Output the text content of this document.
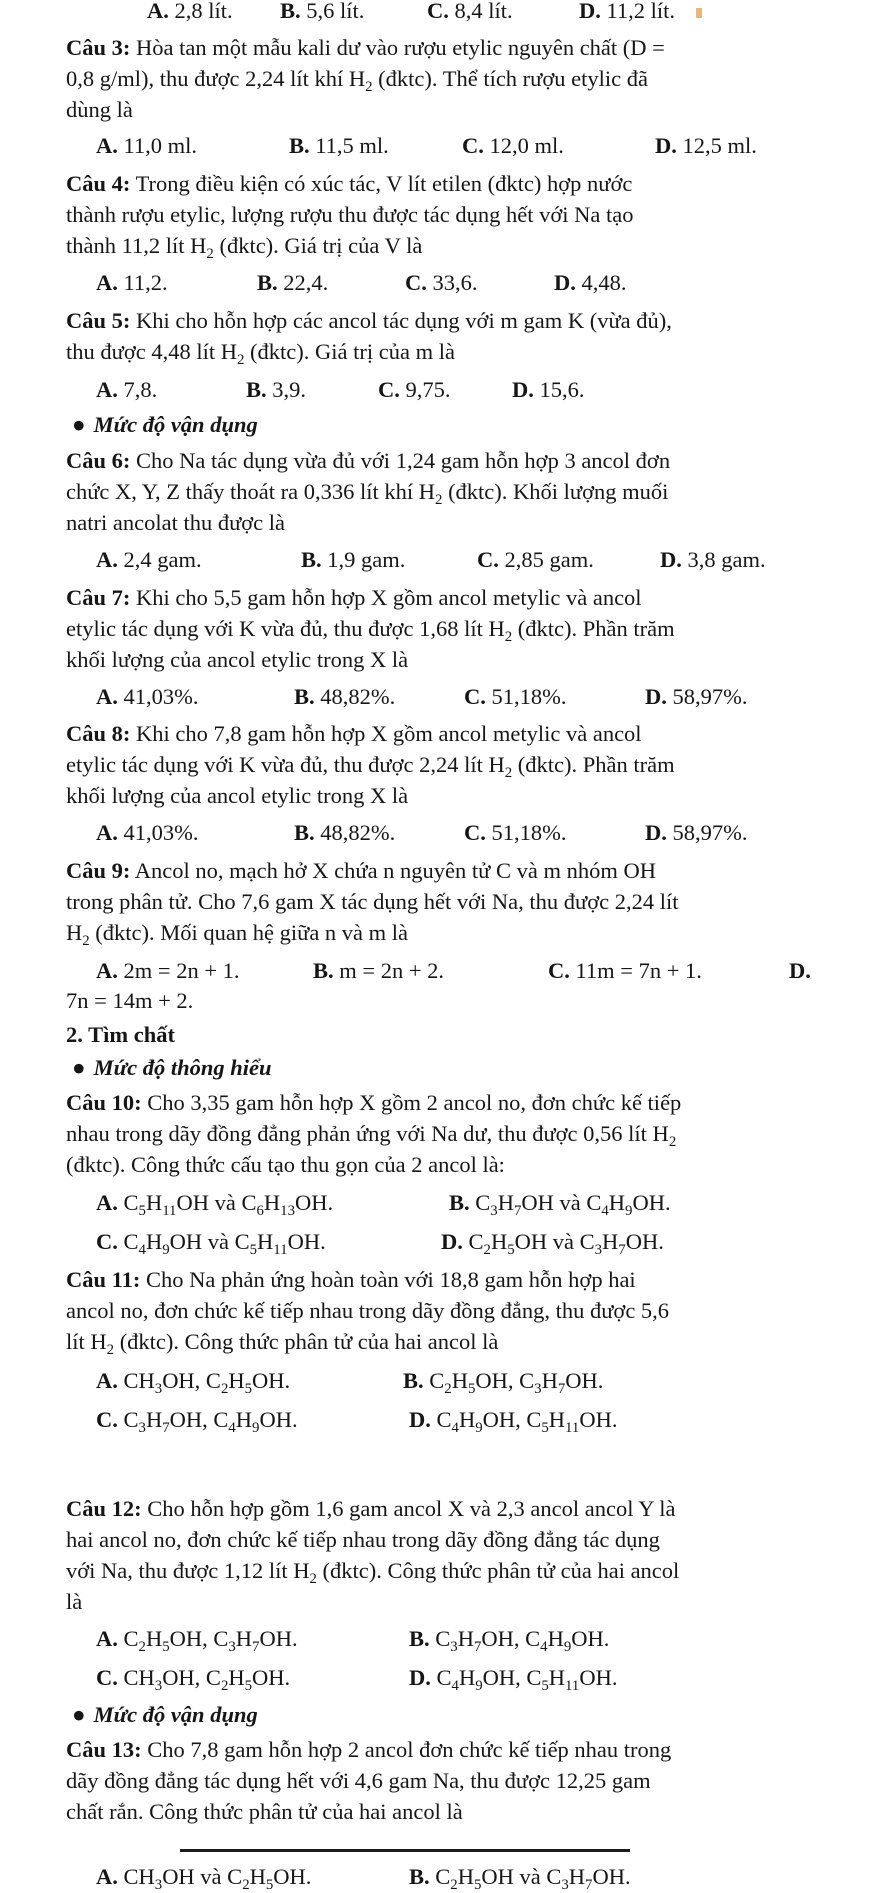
A. 2,8 lít. B. 5,6 lít.	C. 8,4 lít.	D. 11,2 lít.
Câu 3: Hòa tan một mẫu kali dư vào rượu etylic nguyên chất (D =
0,8 g/ml), thu được 2,24 lít khí $H_2$ (đktc). Thể tích rượu etylic đã
dùng là
A. 11,0 ml.	B. 11,5 ml.	C. 12,0 ml.	D. 12,5 ml.
Câu 4: Trong điều kiện có xúc tác, V lít etilen (đktc) hợp nước
thành rượu etylic, lượng rượu thu được tác dụng hết với Na tạo
thành 11,2 lít $H_2$ (đktc). Giá trị của V là
A. 11,2.	B. 22,4.	C. 33,6.	D. 4,48.
Câu 5: Khi cho hỗn hợp các ancol tác dụng với m gam K (vừa đủ),
thu được 4,48 lít $H_2$ (đktc). Giá trị của m là
A. 7,8.	B. 3,9.	C. 9,75.	D. 15,6.
● Mức độ vận dụng
Câu 6: Cho Na tác dụng vừa đủ với 1,24 gam hỗn hợp 3 ancol đơn
chức X, Y, Z thấy thoát ra 0,336 lít khí $H_2$ (đktc). Khối lượng muối
natri ancolat thu được là
A. 2,4 gam.	B. 1,9 gam.	C. 2,85 gam.	D. 3,8 gam.
Câu 7: Khi cho 5,5 gam hỗn hợp X gồm ancol metylic và ancol
etylic tác dụng với K vừa đủ, thu được 1,68 lít $H_2$ (đktc). Phần trăm
khối lượng của ancol etylic trong X là
A. 41,03%.	B. 48,82%.	C. 51,18%.	D. 58,97%.
Câu 8: Khi cho 7,8 gam hỗn hợp X gồm ancol metylic và ancol
etylic tác dụng với K vừa đủ, thu được 2,24 lít $H_2$ (đktc). Phần trăm
khối lượng của ancol etylic trong X là
A. 41,03%.	B. 48,82%.	C. 51,18%.	D. 58,97%.
Câu 9: Ancol no, mạch hở X chứa n nguyên tử C và m nhóm OH
trong phân tử. Cho 7,6 gam X tác dụng hết với Na, thu được 2,24 lít
$H_2$ (đktc). Mối quan hệ giữa n và m là
A. 2m = 2n + 1.	B. m = 2n + 2.	C. 11m = 7n + 1.	D.
7n = 14m + 2.
2. Tìm chất
● Mức độ thông hiểu
Câu 10: Cho 3,35 gam hỗn hợp X gồm 2 ancol no, đơn chức kế tiếp
nhau trong dãy đồng đẳng phản ứng với Na dư, thu được 0,56 lít $H_2$
(đktc). Công thức cấu tạo thu gọn của 2 ancol là:
A. $C_5H_{11}OH$ và $C_6H_{13}OH$.	B. $C_3H_7OH$ và $C_4H_9OH$.
C. $C_4H_9OH$ và $C_5H_{11}OH$.	D. $C_2H_5OH$ và $C_3H_7OH$.
Câu 11: Cho Na phản ứng hoàn toàn với 18,8 gam hỗn hợp hai
ancol no, đơn chức kế tiếp nhau trong dãy đồng đẳng, thu được 5,6
lít $H_2$ (đktc). Công thức phân tử của hai ancol là
A. $CH_3OH$, $C_2H_5OH$.	B. $C_2H_5OH$, $C_3H_7OH$.
C. $C_3H_7OH$, $C_4H_9OH$.	D. $C_4H_9OH$, $C_5H_{11}OH$.
Câu 12: Cho hỗn hợp gồm 1,6 gam ancol X và 2,3 ancol ancol Y là
hai ancol no, đơn chức kế tiếp nhau trong dãy đồng đẳng tác dụng
với Na, thu được 1,12 lít $H_2$ (đktc). Công thức phân tử của hai ancol
là
A. $C_2H_5OH$, $C_3H_7OH$.	B. $C_3H_7OH$, $C_4H_9OH$.
C. $CH_3OH$, $C_2H_5OH$.	D. $C_4H_9OH$, $C_5H_{11}OH$.
● Mức độ vận dụng
Câu 13: Cho 7,8 gam hỗn hợp 2 ancol đơn chức kế tiếp nhau trong
dãy đồng đẳng tác dụng hết với 4,6 gam Na, thu được 12,25 gam
chất rắn. Công thức phân tử của hai ancol là
A. $CH_3OH$ và $C_2H_5OH$.	B. $C_2H_5OH$ và $C_3H_7OH$.
